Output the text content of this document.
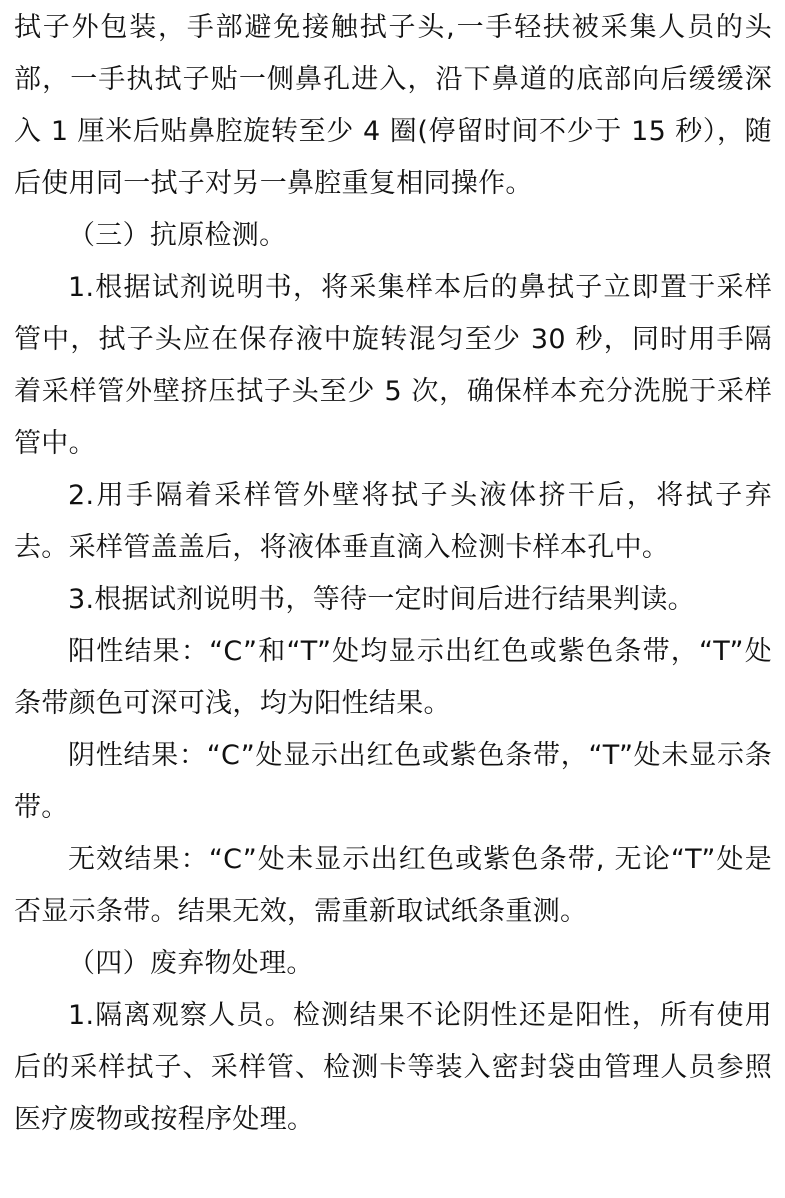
拭子外包装，手部避免接触拭子头,一手轻扶被采集人员的头部，一手执拭子贴一侧鼻孔进入，沿下鼻道的底部向后缓缓深入 1 厘米后贴鼻腔旋转至少 4 圈(停留时间不少于 15 秒），随后使用同一拭子对另一鼻腔重复相同操作。

（三）抗原检测。

1.根据试剂说明书，将采集样本后的鼻拭子立即置于采样管中，拭子头应在保存液中旋转混匀至少 30 秒，同时用手隔着采样管外壁挤压拭子头至少 5 次，确保样本充分洗脱于采样管中。

2.用手隔着采样管外壁将拭子头液体挤干后，将拭子弃去。采样管盖盖后，将液体垂直滴入检测卡样本孔中。

3.根据试剂说明书，等待一定时间后进行结果判读。

阳性结果：“C”和“T”处均显示出红色或紫色条带，“T”处条带颜色可深可浅，均为阳性结果。

阴性结果：“C”处显示出红色或紫色条带，“T”处未显示条带。

无效结果：“C”处未显示出红色或紫色条带, 无论“T”处是否显示条带。结果无效，需重新取试纸条重测。

（四）废弃物处理。

1.隔离观察人员。检测结果不论阴性还是阳性，所有使用后的采样拭子、采样管、检测卡等装入密封袋由管理人员参照医疗废物或按程序处理。
